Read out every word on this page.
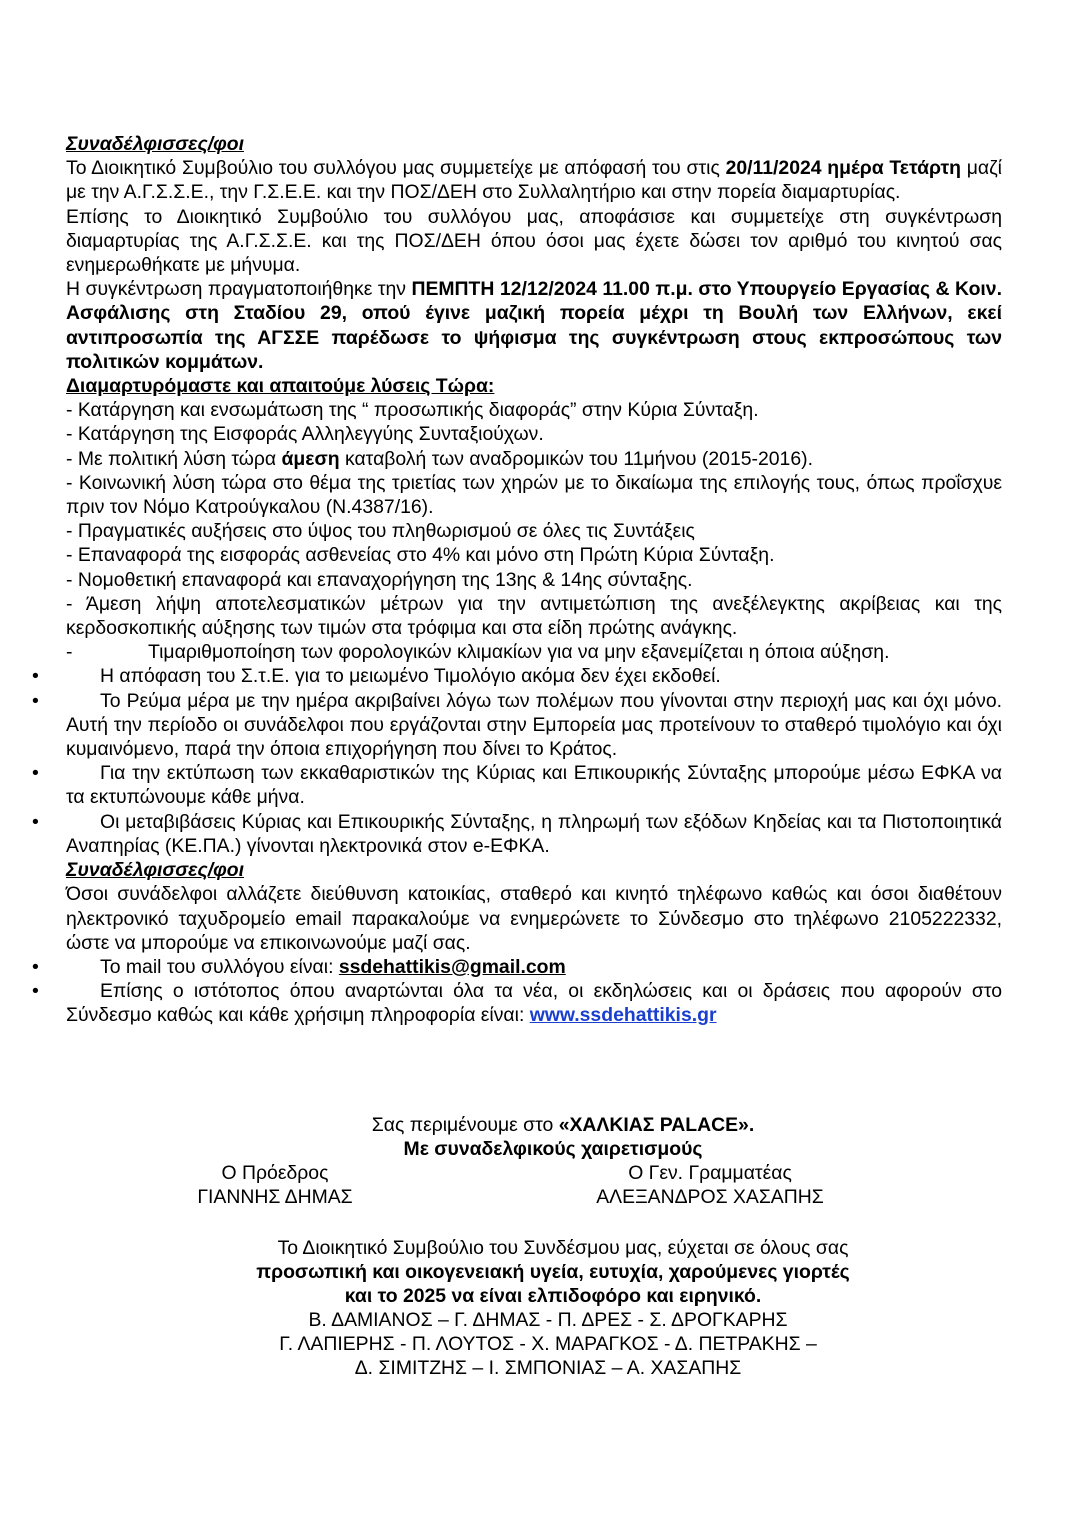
Συναδέλφισσες/φοι

Το Διοικητικό Συμβούλιο του συλλόγου μας συμμετείχε με απόφασή του στις 20/11/2024 ημέρα Τετάρτη μαζί με την Α.Γ.Σ.Σ.Ε., την Γ.Σ.Ε.Ε. και την ΠΟΣ/ΔΕΗ στο Συλλαλητήριο και στην πορεία διαμαρτυρίας.

Επίσης το Διοικητικό Συμβούλιο του συλλόγου μας, αποφάσισε και συμμετείχε στη συγκέντρωση διαμαρτυρίας της Α.Γ.Σ.Σ.Ε. και της ΠΟΣ/ΔΕΗ όπου όσοι μας έχετε δώσει τον αριθμό του κινητού σας ενημερωθήκατε με μήνυμα.

Η συγκέντρωση πραγματοποιήθηκε την ΠΕΜΠΤΗ 12/12/2024 11.00 π.μ. στο Υπουργείο Εργασίας & Κοιν. Ασφάλισης στη Σταδίου 29, οπού έγινε μαζική πορεία μέχρι τη Βουλή των Ελλήνων, εκεί αντιπροσωπία της ΑΓΣΣΕ παρέδωσε το ψήφισμα της συγκέντρωση στους εκπροσώπους των πολιτικών κομμάτων.

Διαμαρτυρόμαστε και απαιτούμε λύσεις Τώρα:

- Κατάργηση και ενσωμάτωση της “ προσωπικής διαφοράς” στην Κύρια Σύνταξη.

- Κατάργηση της Εισφοράς Αλληλεγγύης Συνταξιούχων.

- Με πολιτική λύση τώρα άμεση καταβολή των αναδρομικών του 11μήνου (2015-2016).

- Κοινωνική λύση τώρα στο θέμα της τριετίας των χηρών με το δικαίωμα της επιλογής τους, όπως προΐσχυε πριν τον Νόμο Κατρούγκαλου (Ν.4387/16).

- Πραγματικές αυξήσεις στο ύψος του πληθωρισμού σε όλες τις Συντάξεις

- Επαναφορά της εισφοράς ασθενείας στο 4% και μόνο στη Πρώτη Κύρια Σύνταξη.

- Νομοθετική επαναφορά και επαναχορήγηση της 13ης & 14ης σύνταξης.

- Άμεση λήψη αποτελεσματικών μέτρων για την αντιμετώπιση της ανεξέλεγκτης ακρίβειας και της κερδοσκοπικής αύξησης των τιμών στα τρόφιμα και στα είδη πρώτης ανάγκης.

-	Τιμαριθμοποίηση των φορολογικών κλιμακίων για να μην εξανεμίζεται η όποια αύξηση.

• Η απόφαση του Σ.τ.Ε. για το μειωμένο Τιμολόγιο ακόμα δεν έχει εκδοθεί.

• Το Ρεύμα μέρα με την ημέρα ακριβαίνει λόγω των πολέμων που γίνονται στην περιοχή μας και όχι μόνο. Αυτή την περίοδο οι συνάδελφοι που εργάζονται στην Εμπορεία μας προτείνουν το σταθερό τιμολόγιο και όχι κυμαινόμενο, παρά την όποια επιχορήγηση που δίνει το Κράτος.

• Για την εκτύπωση των εκκαθαριστικών της Κύριας και Επικουρικής Σύνταξης μπορούμε μέσω ΕΦΚΑ να τα εκτυπώνουμε κάθε μήνα.

• Οι μεταβιβάσεις Κύριας και Επικουρικής Σύνταξης, η πληρωμή των εξόδων Κηδείας και τα Πιστοποιητικά Αναπηρίας (ΚΕ.ΠΑ.) γίνονται ηλεκτρονικά στον e-ΕΦΚΑ.

Συναδέλφισσες/φοι

Όσοι συνάδελφοι αλλάζετε διεύθυνση κατοικίας, σταθερό και κινητό τηλέφωνο καθώς και όσοι διαθέτουν ηλεκτρονικό ταχυδρομείο email παρακαλούμε να ενημερώνετε το Σύνδεσμο στο τηλέφωνο 2105222332, ώστε να μπορούμε να επικοινωνούμε μαζί σας.

• Το mail του συλλόγου είναι: ssdehattikis@gmail.com

• Επίσης ο ιστότοπος όπου αναρτώνται όλα τα νέα, οι εκδηλώσεις και οι δράσεις που αφορούν στο Σύνδεσμο καθώς και κάθε χρήσιμη πληροφορία είναι: www.ssdehattikis.gr

Σας περιμένουμε στο «ΧΑΛΚΙΑΣ PALACE».

Με συναδελφικούς χαιρετισμούς

Ο Πρόεδρος	Ο Γεν. Γραμματέας
ΓΙΑΝΝΗΣ ΔΗΜΑΣ	ΑΛΕΞΑΝΔΡΟΣ ΧΑΣΑΠΗΣ

Το Διοικητικό Συμβούλιο του Συνδέσμου μας, εύχεται σε όλους σας

προσωπική και οικογενειακή υγεία, ευτυχία, χαρούμενες γιορτές

και το 2025 να είναι ελπιδοφόρο και ειρηνικό.

Β. ΔΑΜΙΑΝΟΣ – Γ. ΔΗΜΑΣ - Π. ΔΡΕΣ - Σ. ΔΡΟΓΚΑΡΗΣ

Γ. ΛΑΠΙΕΡΗΣ - Π. ΛΟΥΤΟΣ - Χ. ΜΑΡΑΓΚΟΣ - Δ. ΠΕΤΡΑΚΗΣ –

Δ. ΣΙΜΙΤΖΗΣ – Ι. ΣΜΠΟΝΙΑΣ – Α. ΧΑΣΑΠΗΣ
